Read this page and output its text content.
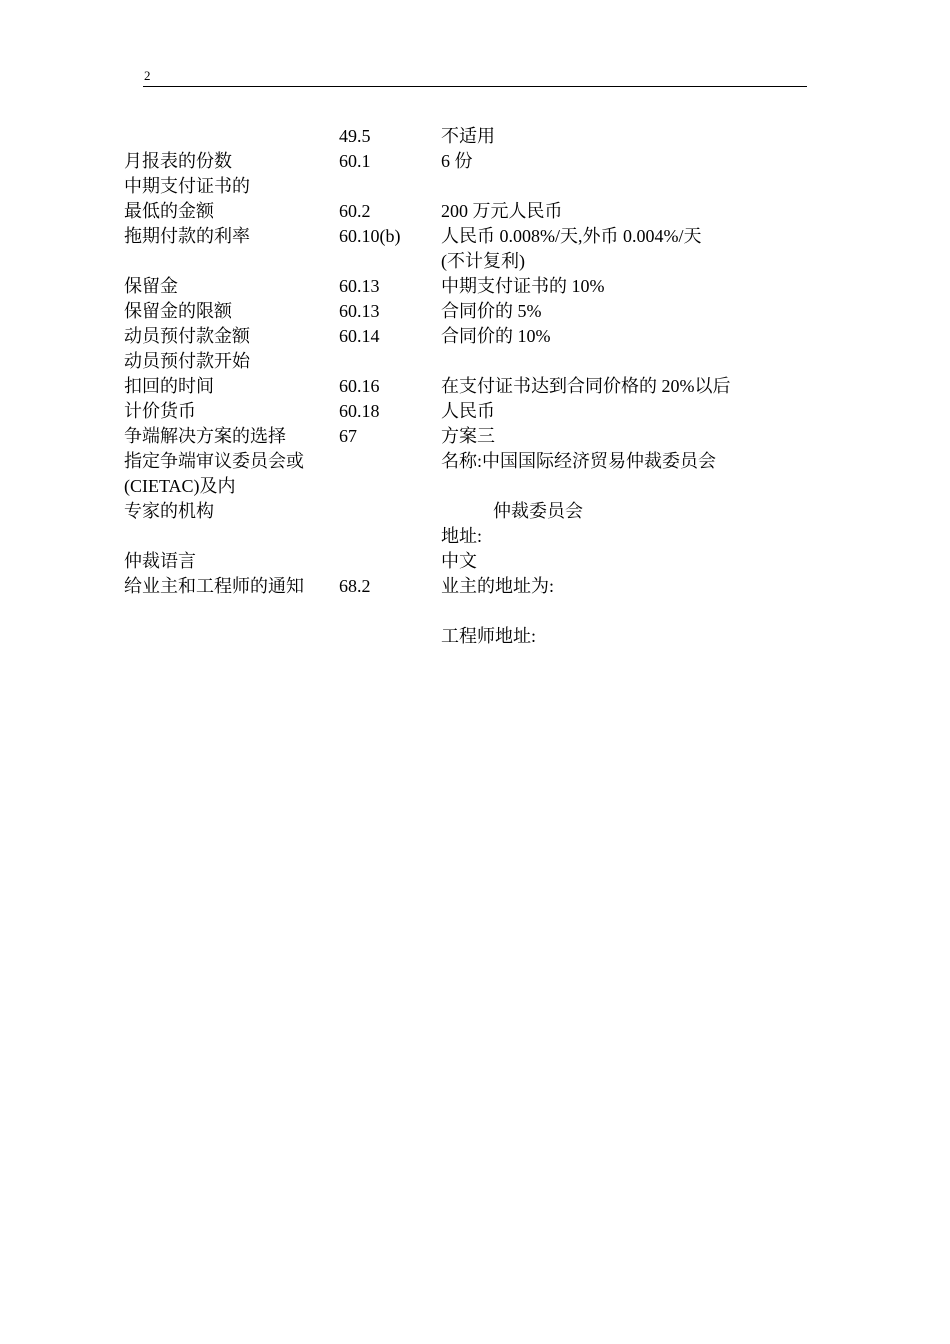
2
49.5	不适用
月报表的份数	60.1	6 份
中期支付证书的
最低的金额	60.2	200 万元人民币
拖期付款的利率	60.10(b) 人民币 0.008%/天,外币 0.004%/天
(不计复利)
保留金	60.13	中期支付证书的 10%
保留金的限额	60.13	合同价的 5%
动员预付款金额	60.14	合同价的 10%
动员预付款开始
扣回的时间	60.16	在支付证书达到合同价格的 20%以后
计价货币	60.18	人民币
争端解决方案的选择	67	方案三
指定争端审议委员会或	名称:中国国际经济贸易仲裁委员会
(CIETAC)及内
专家的机构	仲裁委员会
地址:
仲裁语言	中文
给业主和工程师的通知 68.2	业主的地址为:
工程师地址:
